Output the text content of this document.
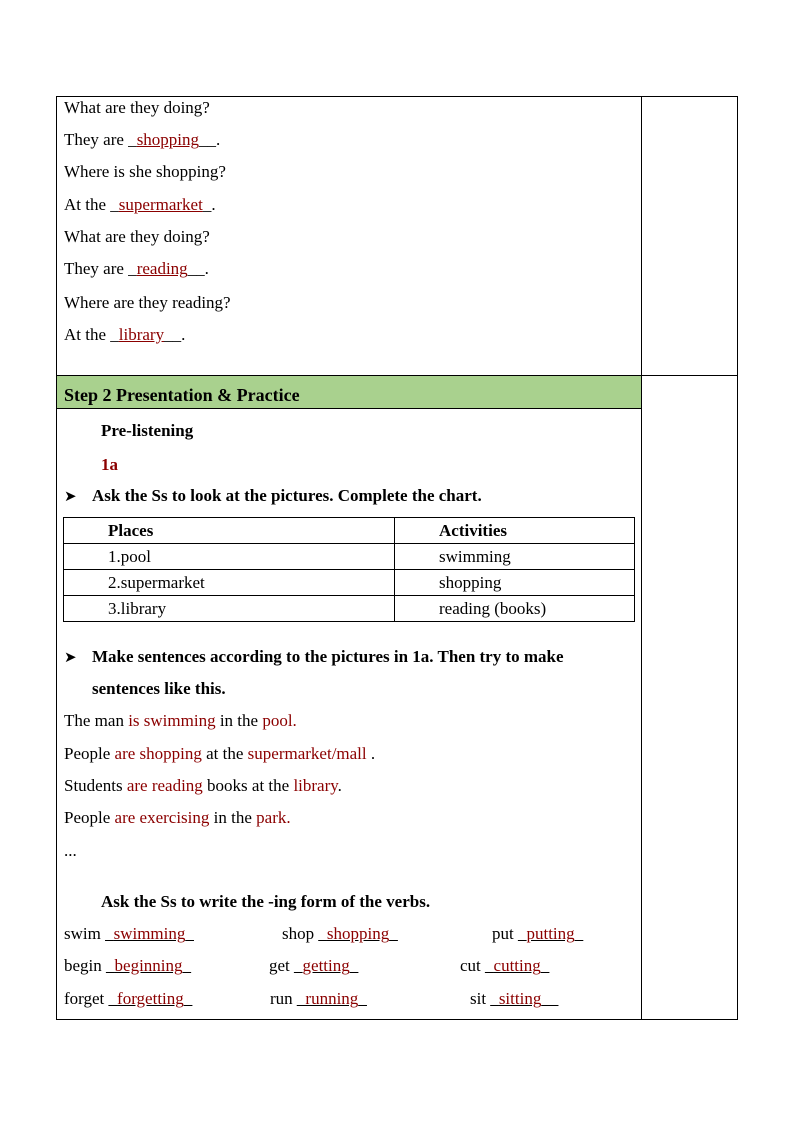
What are they doing?
They are _shopping__.
Where is she shopping?
At the _supermarket_.
What are they doing?
They are _reading__.
Where are they reading?
At the _library__.
Step 2 Presentation & Practice
Pre-listening
1a
➤ Ask the Ss to look at the pictures. Complete the chart.
Places	Activities
1.pool	swimming
2.supermarket	shopping
3.library	reading (books)
➤ Make sentences according to the pictures in 1a. Then try to make
sentences like this.
The man is swimming in the pool.
People are shopping at the supermarket/mall .
Students are reading books at the library.
People are exercising in the park.
...
Ask the Ss to write the -ing form of the verbs.
swim _swimming_	shop _shopping_	put _putting_
begin _beginning_	get _getting_	cut _cutting_
forget _forgetting_	run _running_	sit _sitting__
